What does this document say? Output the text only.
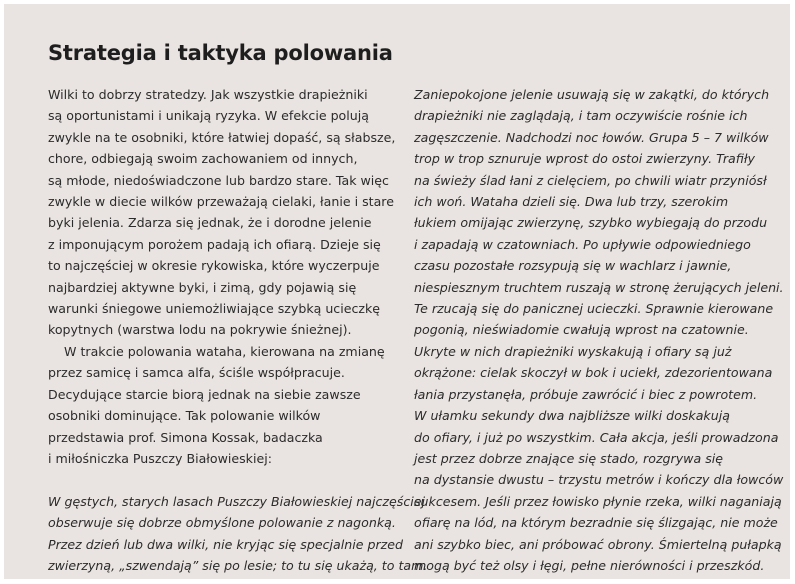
Strategia i taktyka polowania
Wilki to dobrzy stratedzy. Jak wszystkie drapieżniki
są oportunistami i unikają ryzyka. W efekcie polują
zwykle na te osobniki, które łatwiej dopaść, są słabsze,
chore, odbiegają swoim zachowaniem od innych,
są młode, niedoświadczone lub bardzo stare. Tak więc
zwykle w diecie wilków przeważają cielaki, łanie i stare
byki jelenia. Zdarza się jednak, że i dorodne jelenie
z imponującym porożem padają ich ofiarą. Dzieje się
to najczęściej w okresie rykowiska, które wyczerpuje
najbardziej aktywne byki, i zimą, gdy pojawią się
warunki śniegowe uniemożliwiające szybką ucieczkę
kopytnych (warstwa lodu na pokrywie śnieżnej).
W trakcie polowania wataha, kierowana na zmianę
przez samicę i samca alfa, ściśle współpracuje.
Decydujące starcie biorą jednak na siebie zawsze
osobniki dominujące. Tak polowanie wilków
przedstawia prof. Simona Kossak, badaczka
i miłośniczka Puszczy Białowieskiej:
W gęstych, starych lasach Puszczy Białowieskiej najczęściej
obserwuje się dobrze obmyślone polowanie z nagonką.
Przez dzień lub dwa wilki, nie kryjąc się specjalnie przed
zwierzyną, „szwendają” się po lesie; to tu się ukażą, to tam.
Zaniepokojone jelenie usuwają się w zakątki, do których
drapieżniki nie zaglądają, i tam oczywiście rośnie ich
zagęszczenie. Nadchodzi noc łowów. Grupa 5 – 7 wilków
trop w trop sznuruje wprost do ostoi zwierzyny. Trafiły
na świeży ślad łani z cielęciem, po chwili wiatr przyniósł
ich woń. Wataha dzieli się. Dwa lub trzy, szerokim
łukiem omijając zwierzynę, szybko wybiegają do przodu
i zapadają w czatowniach. Po upływie odpowiedniego
czasu pozostałe rozsypują się w wachlarz i jawnie,
niespiesznym truchtem ruszają w stronę żerujących jeleni.
Te rzucają się do panicznej ucieczki. Sprawnie kierowane
pogonią, nieświadomie cwałują wprost na czatownie.
Ukryte w nich drapieżniki wyskakują i ofiary są już
okrążone: cielak skoczył w bok i uciekł, zdezorientowana
łania przystanęła, próbuje zawrócić i biec z powrotem.
W ułamku sekundy dwa najbliższe wilki doskakują
do ofiary, i już po wszystkim. Cała akcja, jeśli prowadzona
jest przez dobrze znające się stado, rozgrywa się
na dystansie dwustu – trzystu metrów i kończy dla łowców
sukcesem. Jeśli przez łowisko płynie rzeka, wilki naganiają
ofiarę na lód, na którym bezradnie się ślizgając, nie może
ani szybko biec, ani próbować obrony. Śmiertelną pułapką
mogą być też olsy i łęgi, pełne nierówności i przeszkód.
